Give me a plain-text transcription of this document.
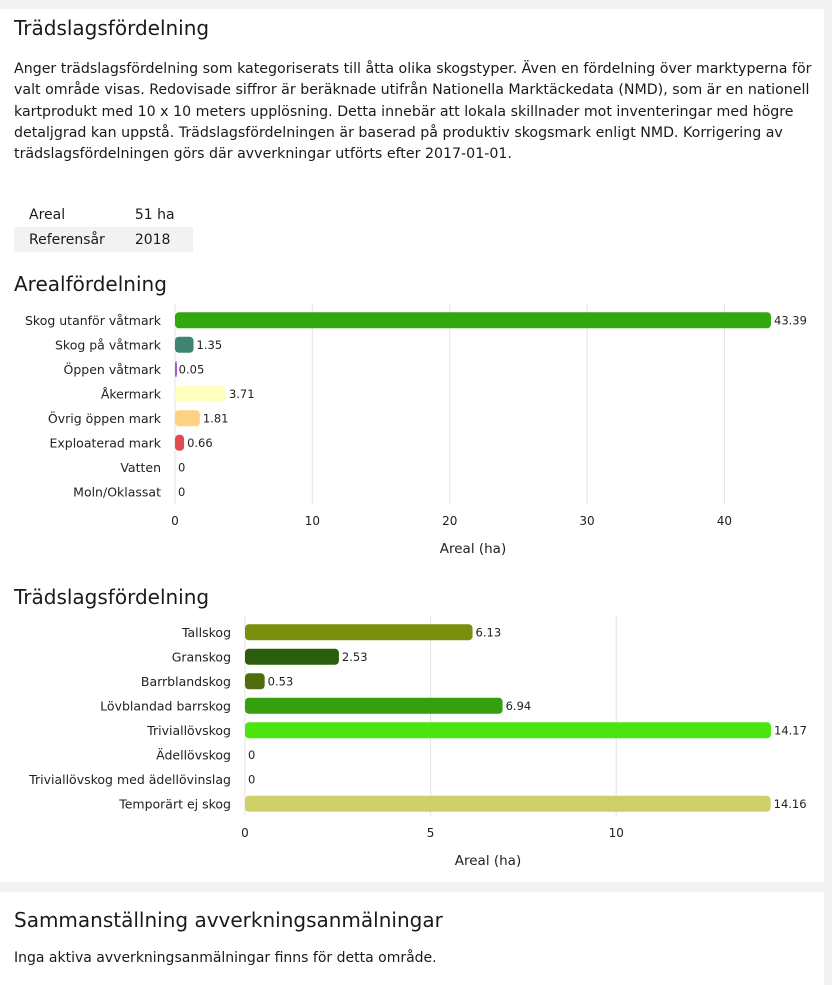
Trädslagsfördelning

Anger trädslagsfördelning som kategoriserats till åtta olika skogstyper. Även en fördelning över marktyperna för valt område visas. Redovisade siffror är beräknade utifrån Nationella Marktäckedata (NMD), som är en nationell kartprodukt med 10 x 10 meters upplösning. Detta innebär att lokala skillnader mot inventeringar med högre detaljgrad kan uppstå. Trädslagsfördelningen är baserad på produktiv skogsmark enligt NMD. Korrigering av trädslagsfördelningen görs där avverkningar utförts efter 2017-01-01.

Areal	51 ha
Referensår	2018
Arealfördelning
0	10	20	30	40
Areal (ha)
Skog utanför våtmark	43.39
Skog på våtmark	1.35
Öppen våtmark 0.05
Åkermark	3.71
Övrig öppen mark	1.81
Exploaterad mark 0.66
Vatten 0
Moln/Oklassat 0
Trädslagsfördelning
0	5	10
Areal (ha)
Tallskog	6.13
Granskog	2.53
Barrblandskog	0.53
Lövblandad barrskog	6.94
Triviallövskog	14.17
Ädellövskog 0
Triviallövskog med ädellövinslag 0
Temporärt ej skog	14.16
Sammanställning avverkningsanmälningar
Inga aktiva avverkningsanmälningar finns för detta område.
